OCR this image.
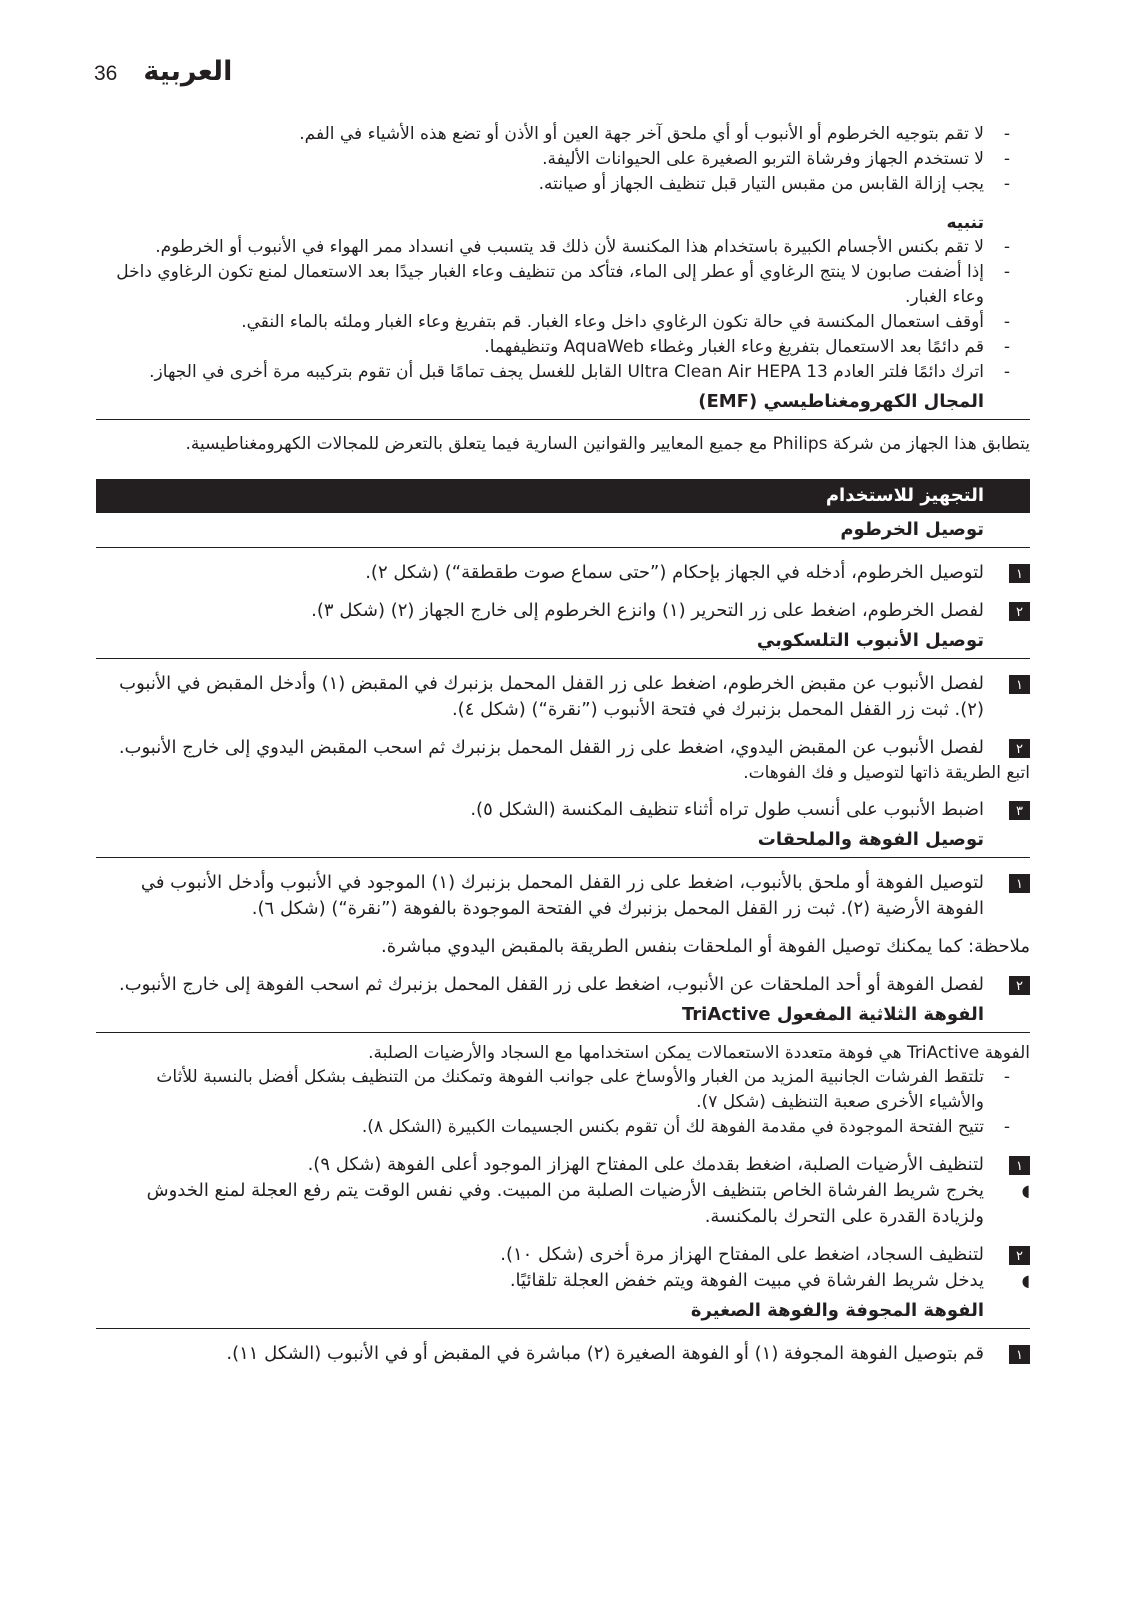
36 العربية
-
لا تقم بتوجيه الخرطوم أو الأنبوب أو أي ملحق آخر جهة العين أو الأذن أو تضع هذه الأشياء في الفم.
-
لا تستخدم الجهاز وفرشاة التربو الصغيرة على الحيوانات الأليفة.
-
يجب إزالة القابس من مقبس التيار قبل تنظيف الجهاز أو صيانته.
تنبيه
-
لا تقم بكنس الأجسام الكبيرة باستخدام هذا المكنسة لأن ذلك قد يتسبب في انسداد ممر الهواء في الأنبوب أو الخرطوم.
-
إذا أضفت صابون لا ينتج الرغاوي أو عطر إلى الماء، فتأكد من تنظيف وعاء الغبار جيدًا بعد الاستعمال لمنع تكون الرغاوي داخل وعاء الغبار.
-
أوقف استعمال المكنسة في حالة تكون الرغاوي داخل وعاء الغبار. قم بتفريغ وعاء الغبار وملئه بالماء النقي.
-
قم دائمًا بعد الاستعمال بتفريغ وعاء الغبار وغطاء AquaWeb وتنظيفهما.
-
اترك دائمًا فلتر العادم Ultra Clean Air HEPA 13 القابل للغسل يجف تمامًا قبل أن تقوم بتركيبه مرة أخرى في الجهاز.
المجال الكهرومغناطيسي (EMF)
يتطابق هذا الجهاز من شركة Philips مع جميع المعايير والقوانين السارية فيما يتعلق بالتعرض للمجالات الكهرومغناطيسية.
التجهيز للاستخدام
توصيل الخرطوم
١
لتوصيل الخرطوم، أدخله في الجهاز بإحكام (”حتى سماع صوت طقطقة“) (شكل ٢).
٢
لفصل الخرطوم، اضغط على زر التحرير (١) وانزع الخرطوم إلى خارج الجهاز (٢) (شكل ٣).
توصيل الأنبوب التلسكوبي
١
لفصل الأنبوب عن مقبض الخرطوم، اضغط على زر القفل المحمل بزنبرك في المقبض (١) وأدخل المقبض في الأنبوب (٢). ثبت زر القفل المحمل بزنبرك في فتحة الأنبوب (”نقرة“) (شكل ٤).
٢
لفصل الأنبوب عن المقبض اليدوي، اضغط على زر القفل المحمل بزنبرك ثم اسحب المقبض اليدوي إلى خارج الأنبوب.
اتبع الطريقة ذاتها لتوصيل و فك الفوهات.
٣
اضبط الأنبوب على أنسب طول تراه أثناء تنظيف المكنسة (الشكل ٥).
توصيل الفوهة والملحقات
١
لتوصيل الفوهة أو ملحق بالأنبوب، اضغط على زر القفل المحمل بزنبرك (١) الموجود في الأنبوب وأدخل الأنبوب في الفوهة الأرضية (٢). ثبت زر القفل المحمل بزنبرك في الفتحة الموجودة بالفوهة (”نقرة“) (شكل ٦).
ملاحظة: كما يمكنك توصيل الفوهة أو الملحقات بنفس الطريقة بالمقبض اليدوي مباشرة.
٢
لفصل الفوهة أو أحد الملحقات عن الأنبوب، اضغط على زر القفل المحمل بزنبرك ثم اسحب الفوهة إلى خارج الأنبوب.
الفوهة الثلاثية المفعول TriActive
الفوهة TriActive هي فوهة متعددة الاستعمالات يمكن استخدامها مع السجاد والأرضيات الصلبة.
-
تلتقط الفرشات الجانبية المزيد من الغبار والأوساخ على جوانب الفوهة وتمكنك من التنظيف بشكل أفضل بالنسبة للأثاث والأشياء الأخرى صعبة التنظيف (شكل ٧).
-
تتيح الفتحة الموجودة في مقدمة الفوهة لك أن تقوم بكنس الجسيمات الكبيرة (الشكل ٨).
١
لتنظيف الأرضيات الصلبة، اضغط بقدمك على المفتاح الهزاز الموجود أعلى الفوهة (شكل ٩).
◖
يخرج شريط الفرشاة الخاص بتنظيف الأرضيات الصلبة من المبيت. وفي نفس الوقت يتم رفع العجلة لمنع الخدوش ولزيادة القدرة على التحرك بالمكنسة.
٢
لتنظيف السجاد، اضغط على المفتاح الهزاز مرة أخرى (شكل ١٠).
◖
يدخل شريط الفرشاة في مبيت الفوهة ويتم خفض العجلة تلقائيًا.
الفوهة المجوفة والفوهة الصغيرة
١
قم بتوصيل الفوهة المجوفة (١) أو الفوهة الصغيرة (٢) مباشرة في المقبض أو في الأنبوب (الشكل ١١).
